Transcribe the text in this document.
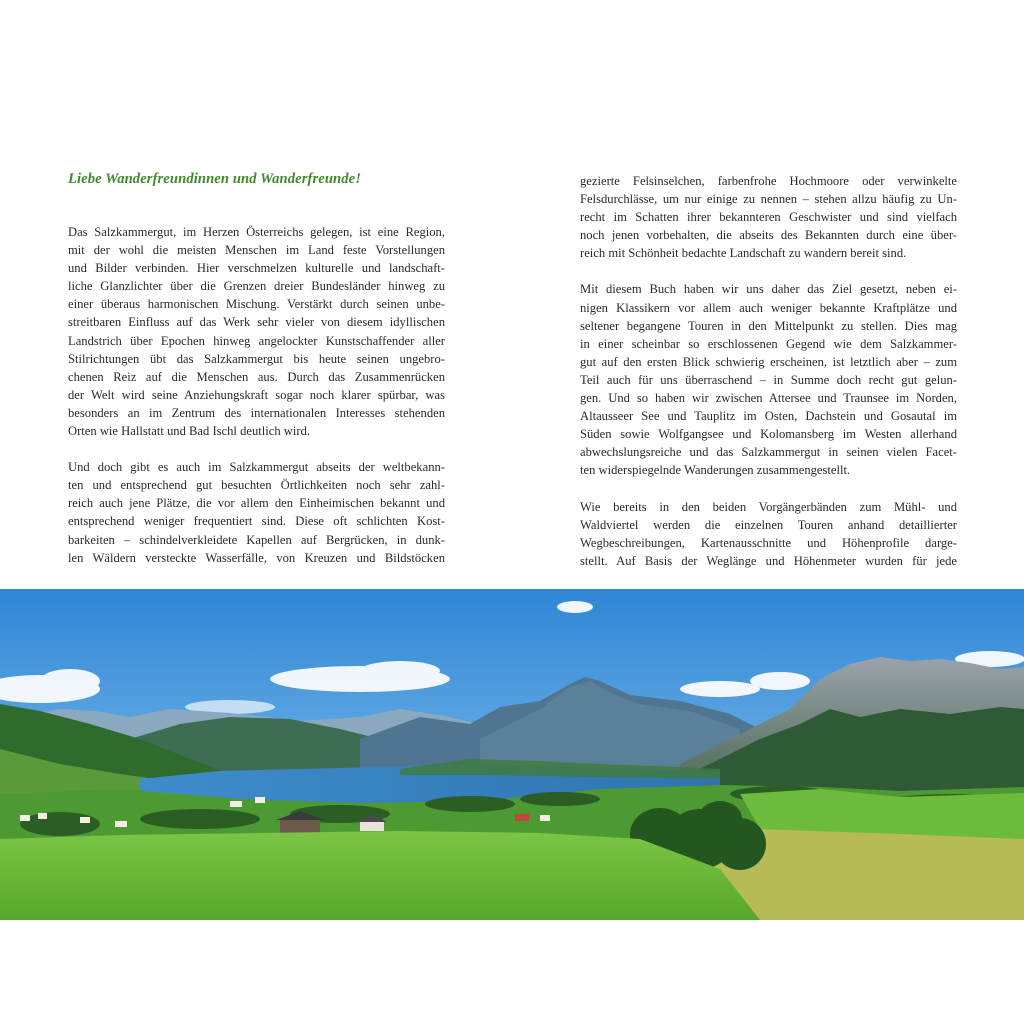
Liebe Wanderfreundinnen und Wanderfreunde!

Das Salzkammergut, im Herzen Österreichs gelegen, ist eine Region,
mit der wohl die meisten Menschen im Land feste Vorstellungen
und Bilder verbinden. Hier verschmelzen kulturelle und landschaft-
liche Glanzlichter über die Grenzen dreier Bundesländer hinweg zu
einer überaus harmonischen Mischung. Verstärkt durch seinen unbe-
streitbaren Einfluss auf das Werk sehr vieler von diesem idyllischen
Landstrich über Epochen hinweg angelockter Kunstschaffender aller
Stilrichtungen übt das Salzkammergut bis heute seinen ungebro-
chenen Reiz auf die Menschen aus. Durch das Zusammenrücken
der Welt wird seine Anziehungskraft sogar noch klarer spürbar, was
besonders an im Zentrum des internationalen Interesses stehenden
Orten wie Hallstatt und Bad Ischl deutlich wird.

Und doch gibt es auch im Salzkammergut abseits der weltbekann-
ten und entsprechend gut besuchten Örtlichkeiten noch sehr zahl-
reich auch jene Plätze, die vor allem den Einheimischen bekannt und
entsprechend weniger frequentiert sind. Diese oft schlichten Kost-
barkeiten – schindelverkleidete Kapellen auf Bergrücken, in dunk-
len Wäldern versteckte Wasserfälle, von Kreuzen und Bildstöcken

gezierte Felsinselchen, farbenfrohe Hochmoore oder verwinkelte
Felsdurchlässe, um nur einige zu nennen – stehen allzu häufig zu Un-
recht im Schatten ihrer bekannteren Geschwister und sind vielfach
noch jenen vorbehalten, die abseits des Bekannten durch eine über-
reich mit Schönheit bedachte Landschaft zu wandern bereit sind.

Mit diesem Buch haben wir uns daher das Ziel gesetzt, neben ei-
nigen Klassikern vor allem auch weniger bekannte Kraftplätze und
seltener begangene Touren in den Mittelpunkt zu stellen. Dies mag
in einer scheinbar so erschlossenen Gegend wie dem Salzkammer-
gut auf den ersten Blick schwierig erscheinen, ist letztlich aber – zum
Teil auch für uns überraschend – in Summe doch recht gut gelun-
gen. Und so haben wir zwischen Attersee und Traunsee im Norden,
Altausseer See und Tauplitz im Osten, Dachstein und Gosautal im
Süden sowie Wolfgangsee und Kolomansberg im Westen allerhand
abwechslungsreiche und das Salzkammergut in seinen vielen Facet-
ten widerspiegelnde Wanderungen zusammengestellt.

Wie bereits in den beiden Vorgängerbänden zum Mühl- und
Waldviertel werden die einzelnen Touren anhand detaillierter
Wegbeschreibungen, Kartenausschnitte und Höhenprofile darge-
stellt. Auf Basis der Weglänge und Höhenmeter wurden für jede
